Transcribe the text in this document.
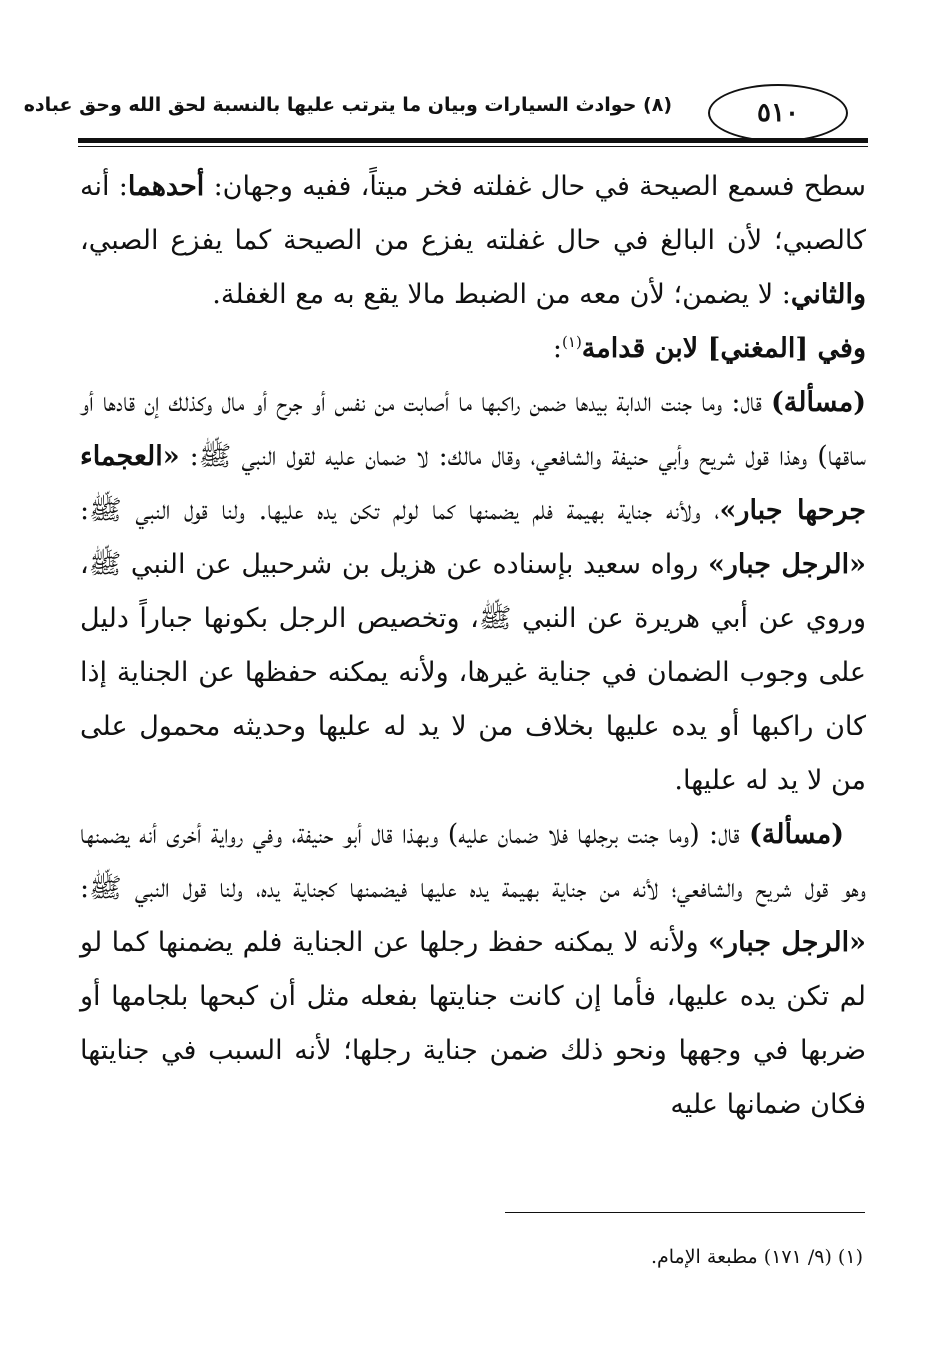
٥١٠
(٨) حوادث السيارات وبيان ما يترتب عليها بالنسبة لحق الله وحق عباده

سطح فسمع الصيحة في حال غفلته فخر ميتاً، ففيه وجهان: أحدهما: أنه كالصبي؛ لأن البالغ في حال غفلته يفزع من الصيحة كما يفزع الصبي، والثاني: لا يضمن؛ لأن معه من الضبط مالا يقع به مع الغفلة.

وفي [المغني] لابن قدامة$^{(١)}$:

(مسألة) قال: وما جنت الدابة بيدها ضمن راكبها ما أصابت من نفس أو جرح أو مال وكذلك إن قادها أو ساقها) وهذا قول شريح وأبي حنيفة والشافعي، وقال مالك: لا ضمان عليه لقول النبي ﷺ: «العجماء جرحها جبار»، ولأنه جناية بهيمة فلم يضمنها كما لولم تكن يده عليها. ولنا قول النبي ﷺ: «الرجل جبار» رواه سعيد بإسناده عن هزيل بن شرحبيل عن النبي ﷺ، وروي عن أبي هريرة عن النبي ﷺ، وتخصيص الرجل بكونها جباراً دليل على وجوب الضمان في جناية غيرها، ولأنه يمكنه حفظها عن الجناية إذا كان راكبها أو يده عليها بخلاف من لا يد له عليها وحديثه محمول على من لا يد له عليها.

(مسألة) قال: (وما جنت برجلها فلا ضمان عليه) وبهذا قال أبو حنيفة، وفي رواية أخرى أنه يضمنها وهو قول شريح والشافعي؛ لأنه من جناية بهيمة يده عليها فيضمنها كجناية يده، ولنا قول النبي ﷺ: «الرجل جبار» ولأنه لا يمكنه حفظ رجلها عن الجناية فلم يضمنها كما لو لم تكن يده عليها، فأما إن كانت جنايتها بفعله مثل أن كبحها بلجامها أو ضربها في وجهها ونحو ذلك ضمن جناية رجلها؛ لأنه السبب في جنايتها فكان ضمانها عليه

(١) (٩/ ١٧١) مطبعة الإمام.
